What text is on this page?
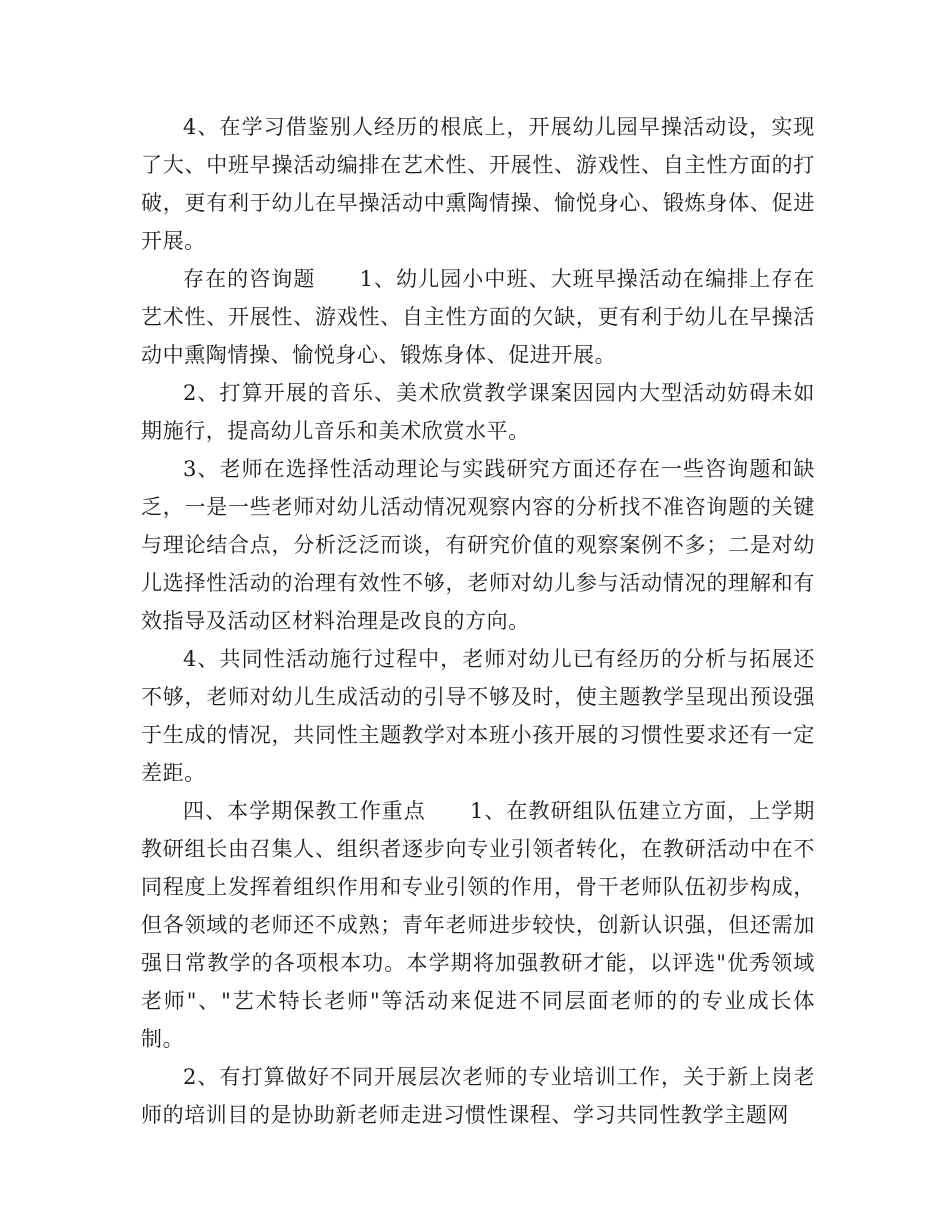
4、在学习借鉴别人经历的根底上，开展幼儿园早操活动设，实现了大、中班早操活动编排在艺术性、开展性、游戏性、自主性方面的打破，更有利于幼儿在早操活动中熏陶情操、愉悦身心、锻炼身体、促进开展。

存在的咨询题　　1、幼儿园小中班、大班早操活动在编排上存在艺术性、开展性、游戏性、自主性方面的欠缺，更有利于幼儿在早操活动中熏陶情操、愉悦身心、锻炼身体、促进开展。

2、打算开展的音乐、美术欣赏教学课案因园内大型活动妨碍未如期施行，提高幼儿音乐和美术欣赏水平。

3、老师在选择性活动理论与实践研究方面还存在一些咨询题和缺乏，一是一些老师对幼儿活动情况观察内容的分析找不准咨询题的关键与理论结合点，分析泛泛而谈，有研究价值的观察案例不多；二是对幼儿选择性活动的治理有效性不够，老师对幼儿参与活动情况的理解和有效指导及活动区材料治理是改良的方向。

4、共同性活动施行过程中，老师对幼儿已有经历的分析与拓展还不够，老师对幼儿生成活动的引导不够及时，使主题教学呈现出预设强于生成的情况，共同性主题教学对本班小孩开展的习惯性要求还有一定差距。

四、本学期保教工作重点　　1、在教研组队伍建立方面，上学期教研组长由召集人、组织者逐步向专业引领者转化，在教研活动中在不同程度上发挥着组织作用和专业引领的作用，骨干老师队伍初步构成，但各领域的老师还不成熟；青年老师进步较快，创新认识强，但还需加强日常教学的各项根本功。本学期将加强教研才能，以评选"优秀领域老师"、"艺术特长老师"等活动来促进不同层面老师的的专业成长体制。

2、有打算做好不同开展层次老师的专业培训工作，关于新上岗老师的培训目的是协助新老师走进习惯性课程、学习共同性教学主题网
